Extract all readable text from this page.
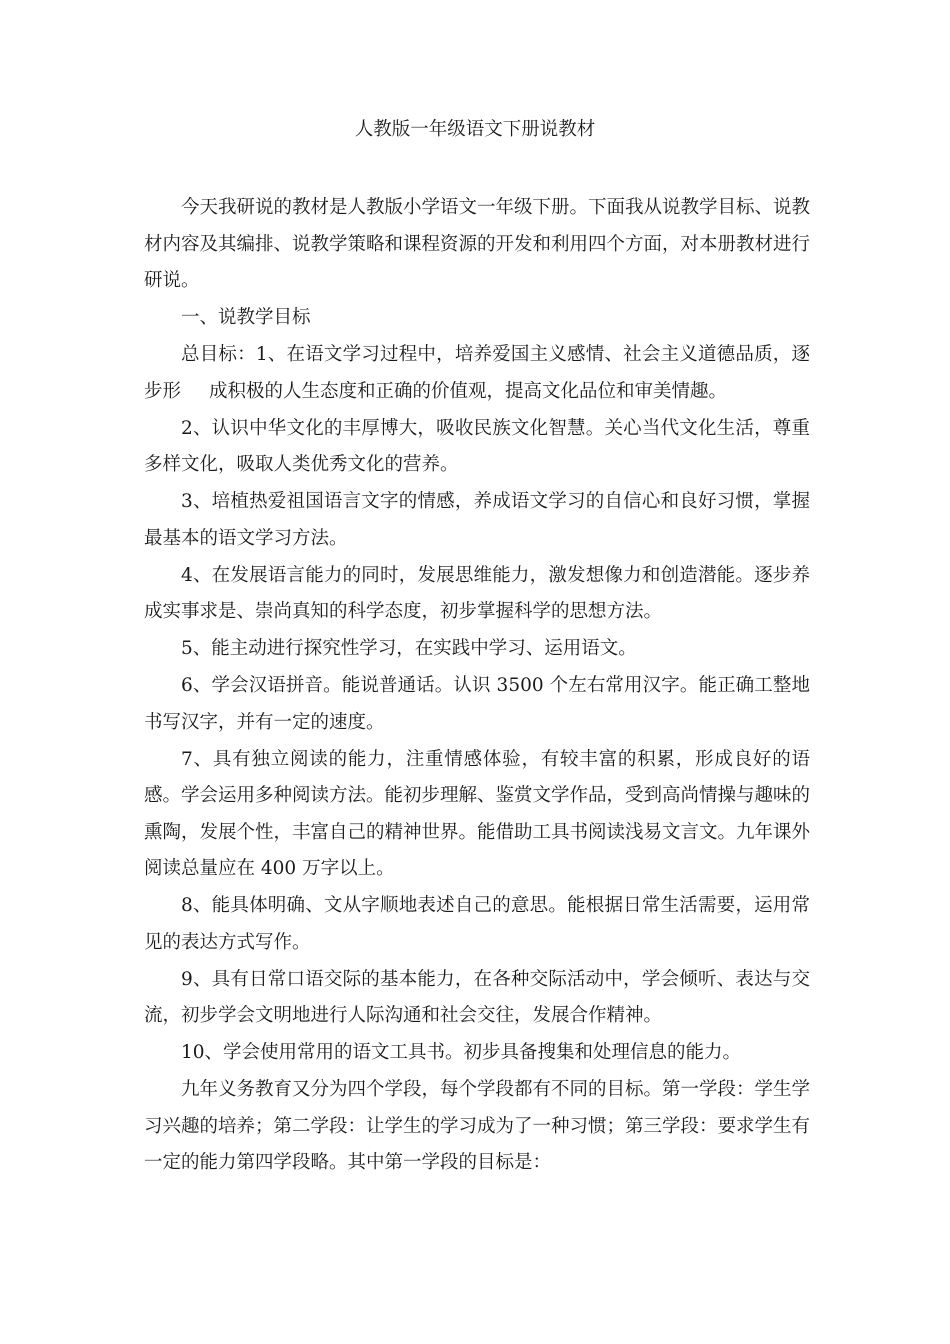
人教版一年级语文下册说教材

今天我研说的教材是人教版小学语文一年级下册。下面我从说教学目标、说教材内容及其编排、说教学策略和课程资源的开发和利用四个方面，对本册教材进行研说。

一、说教学目标

总目标：1、在语文学习过程中，培养爱国主义感情、社会主义道德品质，逐步形 成积极的人生态度和正确的价值观，提高文化品位和审美情趣。

2、认识中华文化的丰厚博大，吸收民族文化智慧。关心当代文化生活，尊重多样文化，吸取人类优秀文化的营养。

3、培植热爱祖国语言文字的情感，养成语文学习的自信心和良好习惯，掌握最基本的语文学习方法。

4、在发展语言能力的同时，发展思维能力，激发想像力和创造潜能。逐步养成实事求是、崇尚真知的科学态度，初步掌握科学的思想方法。

5、能主动进行探究性学习，在实践中学习、运用语文。

6、学会汉语拼音。能说普通话。认识 3500 个左右常用汉字。能正确工整地书写汉字，并有一定的速度。

7、具有独立阅读的能力，注重情感体验，有较丰富的积累，形成良好的语感。学会运用多种阅读方法。能初步理解、鉴赏文学作品，受到高尚情操与趣味的熏陶，发展个性，丰富自己的精神世界。能借助工具书阅读浅易文言文。九年课外阅读总量应在 400 万字以上。

8、能具体明确、文从字顺地表述自己的意思。能根据日常生活需要，运用常见的表达方式写作。

9、具有日常口语交际的基本能力，在各种交际活动中，学会倾听、表达与交流，初步学会文明地进行人际沟通和社会交往，发展合作精神。

10、学会使用常用的语文工具书。初步具备搜集和处理信息的能力。

九年义务教育又分为四个学段，每个学段都有不同的目标。第一学段：学生学习兴趣的培养；第二学段：让学生的学习成为了一种习惯；第三学段：要求学生有一定的能力第四学段略。其中第一学段的目标是：
